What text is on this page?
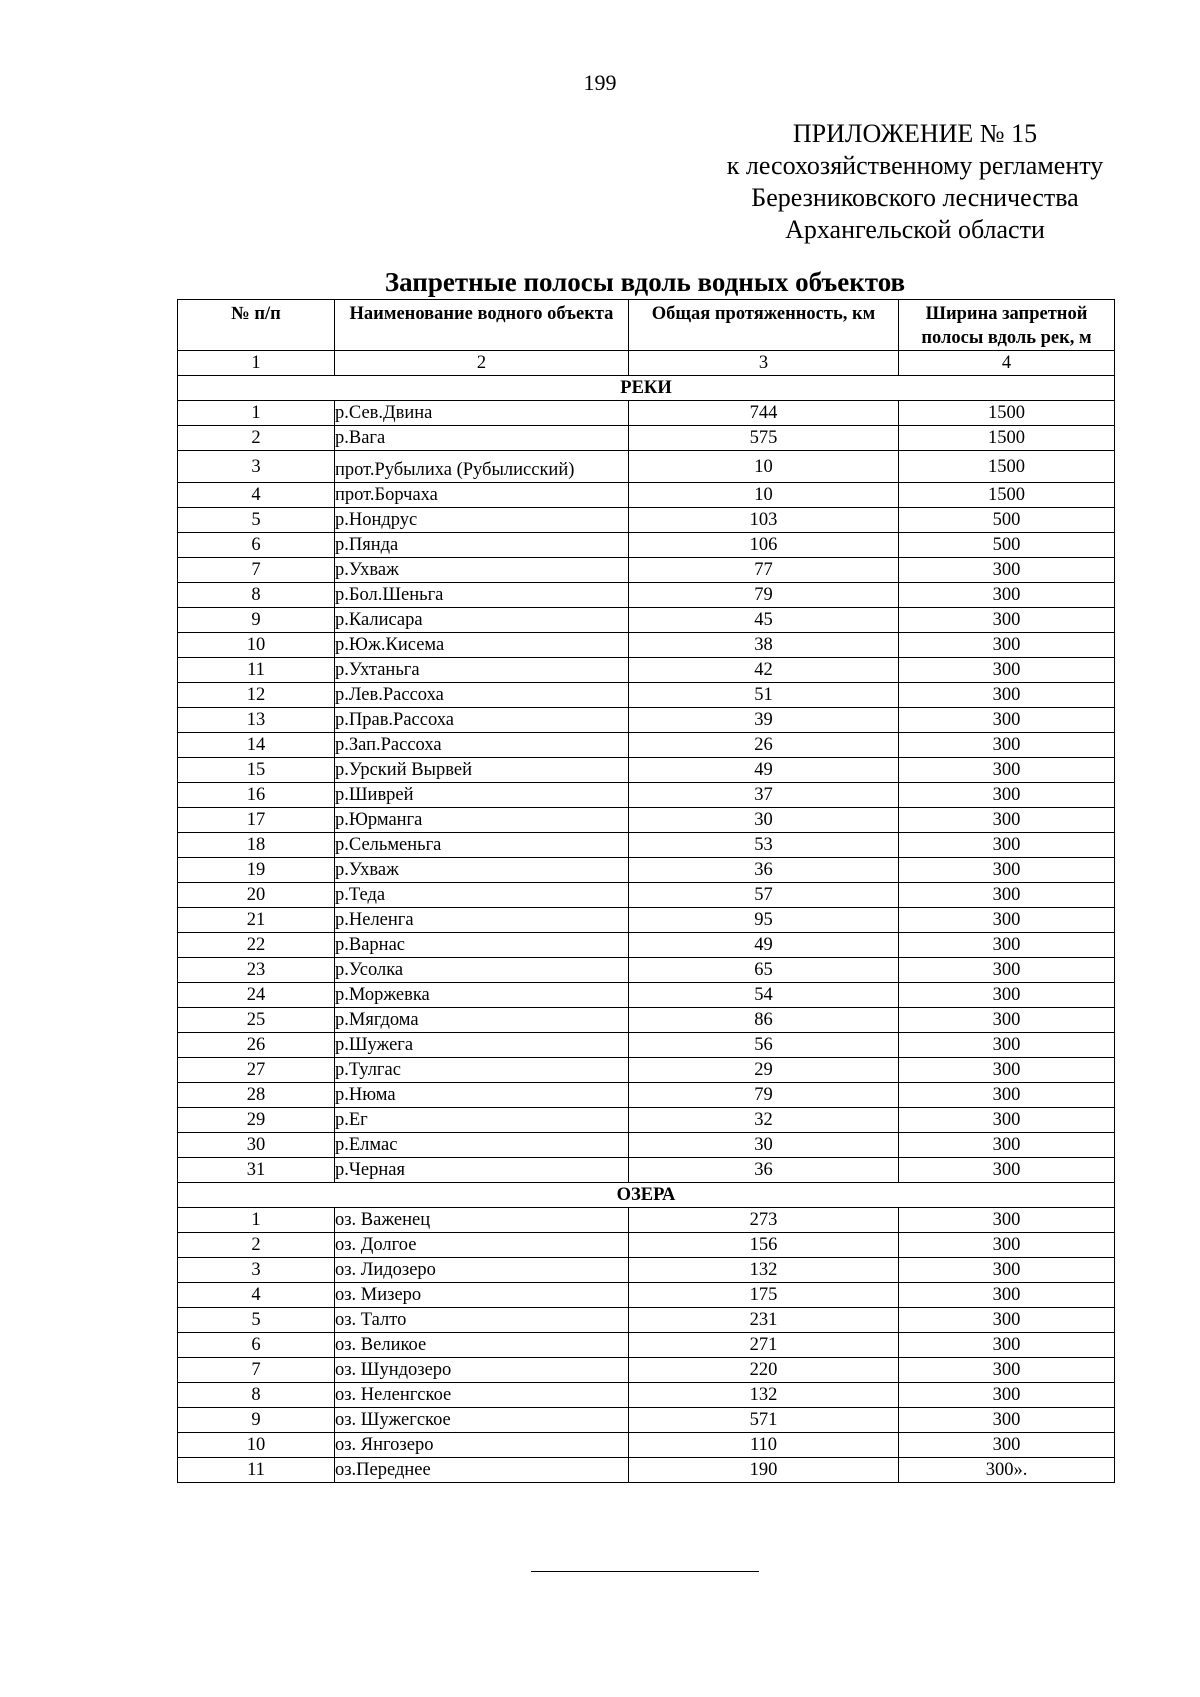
199
ПРИЛОЖЕНИЕ № 15
к лесохозяйственному регламенту
Березниковского лесничества
Архангельской области
Запретные полосы вдоль водных объектов
№ п/п	Наименование водного объекта	Общая протяженность, км	Ширина запретной полосы вдоль рек, м
1	2	3	4
РЕКИ			
1	р.Сев.Двина	744	1500
2	р.Вага	575	1500
3	прот.Рубылиха (Рубылисский)	10	1500
4	прот.Борчаха	10	1500
5	р.Нондрус	103	500
6	р.Пянда	106	500
7	р.Ухваж	77	300
8	р.Бол.Шеньга	79	300
9	р.Калисара	45	300
10	р.Юж.Кисема	38	300
11	р.Ухтаньга	42	300
12	р.Лев.Рассоха	51	300
13	р.Прав.Рассоха	39	300
14	р.Зап.Рассоха	26	300
15	р.Урский Вырвей	49	300
16	р.Шиврей	37	300
17	р.Юрманга	30	300
18	р.Сельменьга	53	300
19	р.Ухваж	36	300
20	р.Теда	57	300
21	р.Неленга	95	300
22	р.Варнас	49	300
23	р.Усолка	65	300
24	р.Моржевка	54	300
25	р.Мягдома	86	300
26	р.Шужега	56	300
27	р.Тулгас	29	300
28	р.Нюма	79	300
29	р.Ег	32	300
30	р.Елмас	30	300
31	р.Черная	36	300
ОЗЕРА			
1	оз. Важенец	273	300
2	оз. Долгое	156	300
3	оз. Лидозеро	132	300
4	оз. Мизеро	175	300
5	оз. Талто	231	300
6	оз. Великое	271	300
7	оз. Шундозеро	220	300
8	оз. Неленгское	132	300
9	оз. Шужегское	571	300
10	оз. Янгозеро	110	300
11	оз.Переднее	190	300».
